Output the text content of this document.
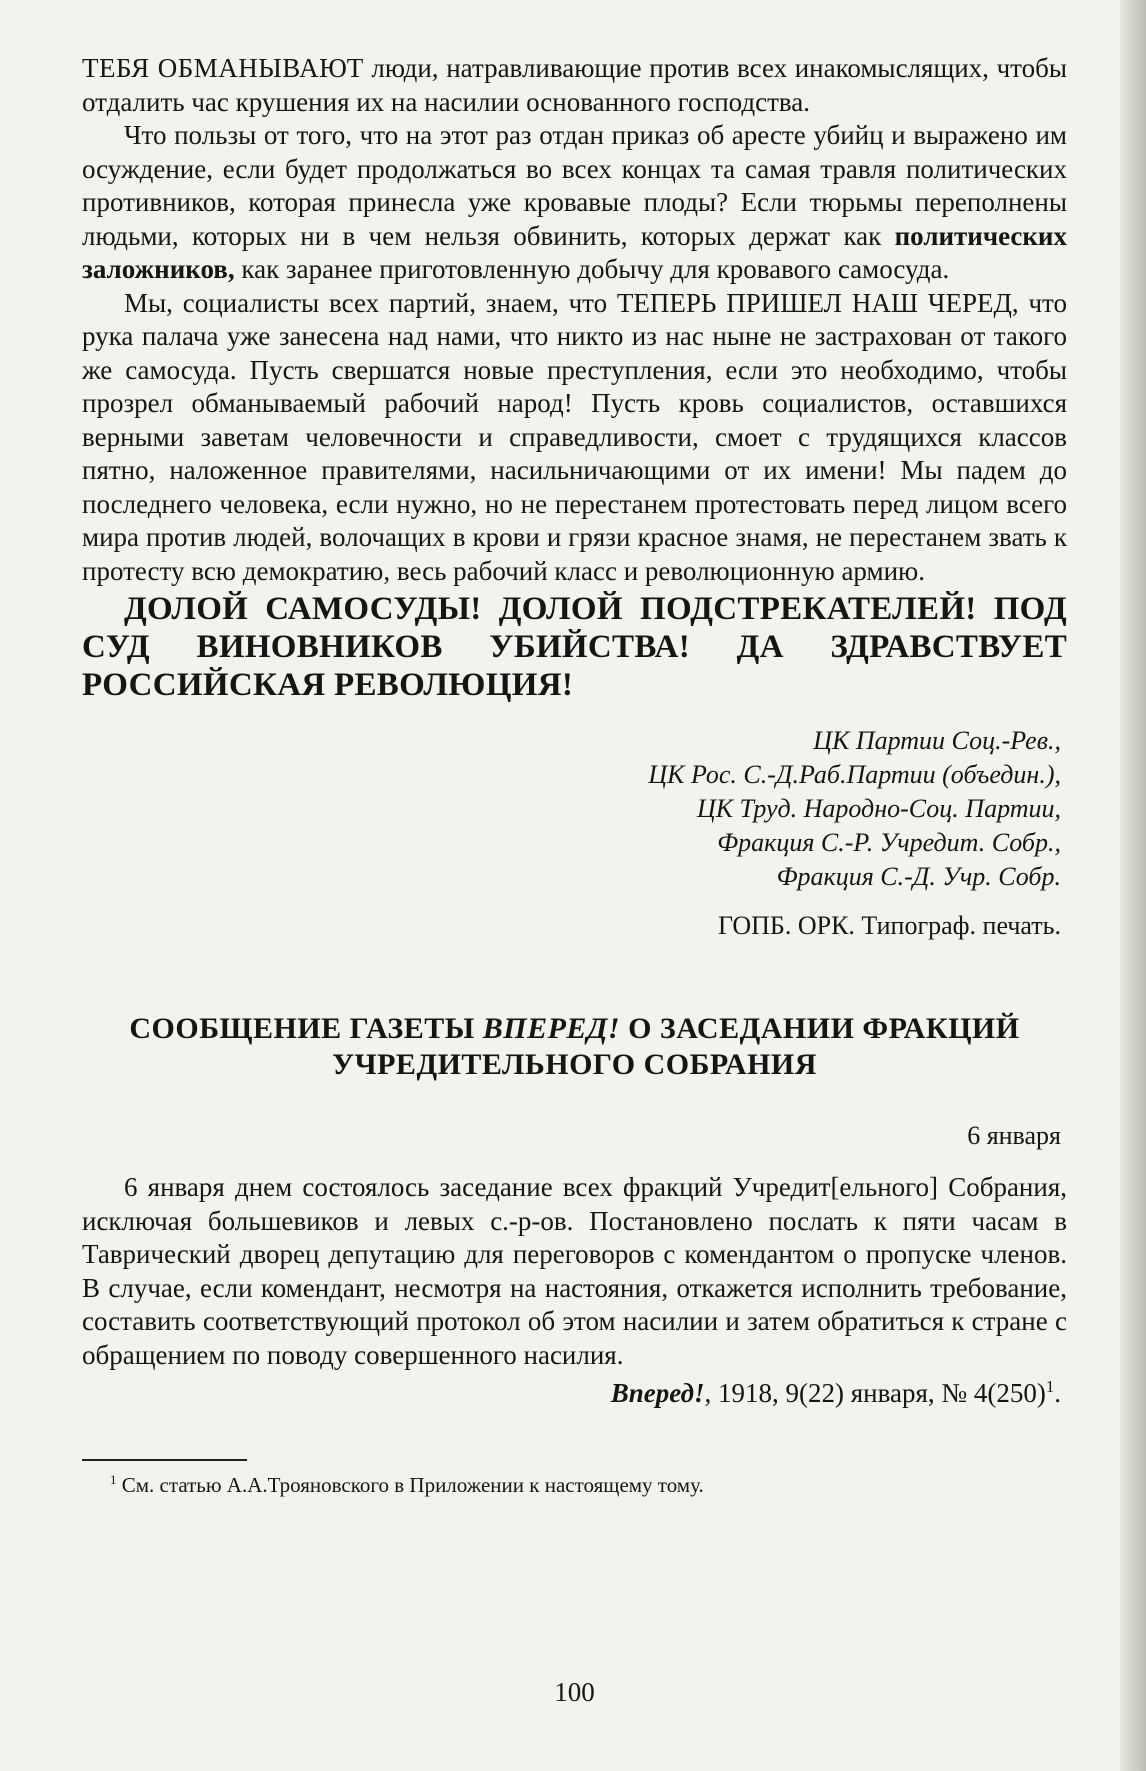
ТЕБЯ ОБМАНЫВАЮТ люди, натравливающие против всех инакомыслящих, чтобы отдалить час крушения их на насилии основанного господства.

Что пользы от того, что на этот раз отдан приказ об аресте убийц и выражено им осуждение, если будет продолжаться во всех концах та самая травля политических противников, которая принесла уже кровавые плоды? Если тюрьмы переполнены людьми, которых ни в чем нельзя обвинить, которых держат как политических заложников, как заранее приготовленную добычу для кровавого самосуда.

Мы, социалисты всех партий, знаем, что ТЕПЕРЬ ПРИШЕЛ НАШ ЧЕРЕД, что рука палача уже занесена над нами, что никто из нас ныне не застрахован от такого же самосуда. Пусть свершатся новые преступления, если это необходимо, чтобы прозрел обманываемый рабочий народ! Пусть кровь социалистов, оставшихся верными заветам человечности и справедливости, смоет с трудящихся классов пятно, наложенное правителями, насильничающими от их имени! Мы падем до последнего человека, если нужно, но не перестанем протестовать перед лицом всего мира против людей, волочащих в крови и грязи красное знамя, не перестанем звать к протесту всю демократию, весь рабочий класс и революционную армию.

ДОЛОЙ САМОСУДЫ! ДОЛОЙ ПОДСТРЕКАТЕЛЕЙ! ПОД СУД ВИНОВНИКОВ УБИЙСТВА! ДА ЗДРАВСТВУЕТ РОССИЙСКАЯ РЕВОЛЮЦИЯ!

ЦК Партии Соц.-Рев.,
ЦК Рос. С.-Д.Раб.Партии (объедин.),
ЦК Труд. Народно-Соц. Партии,
Фракция С.-Р. Учредит. Собр.,
Фракция С.-Д. Учр. Собр.
ГОПБ. ОРК. Типограф. печать.
СООБЩЕНИЕ ГАЗЕТЫ ВПЕРЕД! О ЗАСЕДАНИИ ФРАКЦИЙ УЧРЕДИТЕЛЬНОГО СОБРАНИЯ
6 января

6 января днем состоялось заседание всех фракций Учредит[ельного] Собрания, исключая большевиков и левых с.-р-ов. Постановлено послать к пяти часам в Таврический дворец депутацию для переговоров с комендантом о пропуске членов. В случае, если комендант, несмотря на настояния, откажется исполнить требование, составить соответствующий протокол об этом насилии и затем обратиться к стране с обращением по поводу совершенного насилия.

Вперед!, 1918, 9(22) января, № $4(250)^1$.
$^1$ См. статью А.А.Трояновского в Приложении к настоящему тому.
100
